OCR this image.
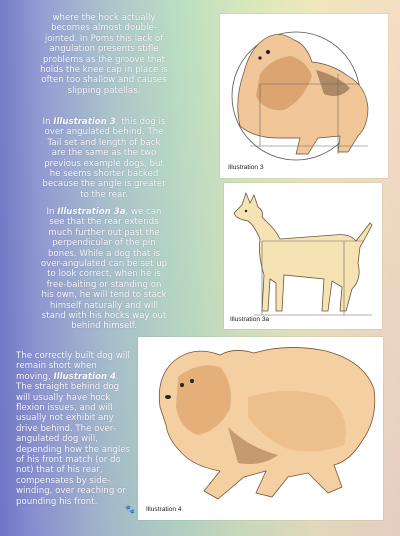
where the hock actually becomes almost double-jointed. In Poms this lack of angulation presents stifle problems as the groove that holds the knee cap in place is often too shallow and causes slipping patellas.

In Illustration 3, this dog is over angulated behind. The Tail set and length of back are the same as the two previous example dogs, but he seems shorter backed because the angle is greater to the rear.

In Illustration 3a, we can see that the rear extends much further out past the perpendicular of the pin bones. While a dog that is over-angulated can be set up to look correct, when he is free-baiting or standing on his own, he will tend to stack himself naturally and will stand with his hocks way out behind himself.

The correctly built dog will remain short when moving, Illustration 4. The straight behind dog will usually have hock flexion issues, and will usually not exhibit any drive behind. The over-angulated dog will, depending how the angles of his front match (or do not) that of his rear, compensates by side-winding, over reaching or pounding his front.

Illustration 3
Illustration 3a
Illustration 4
🐾
